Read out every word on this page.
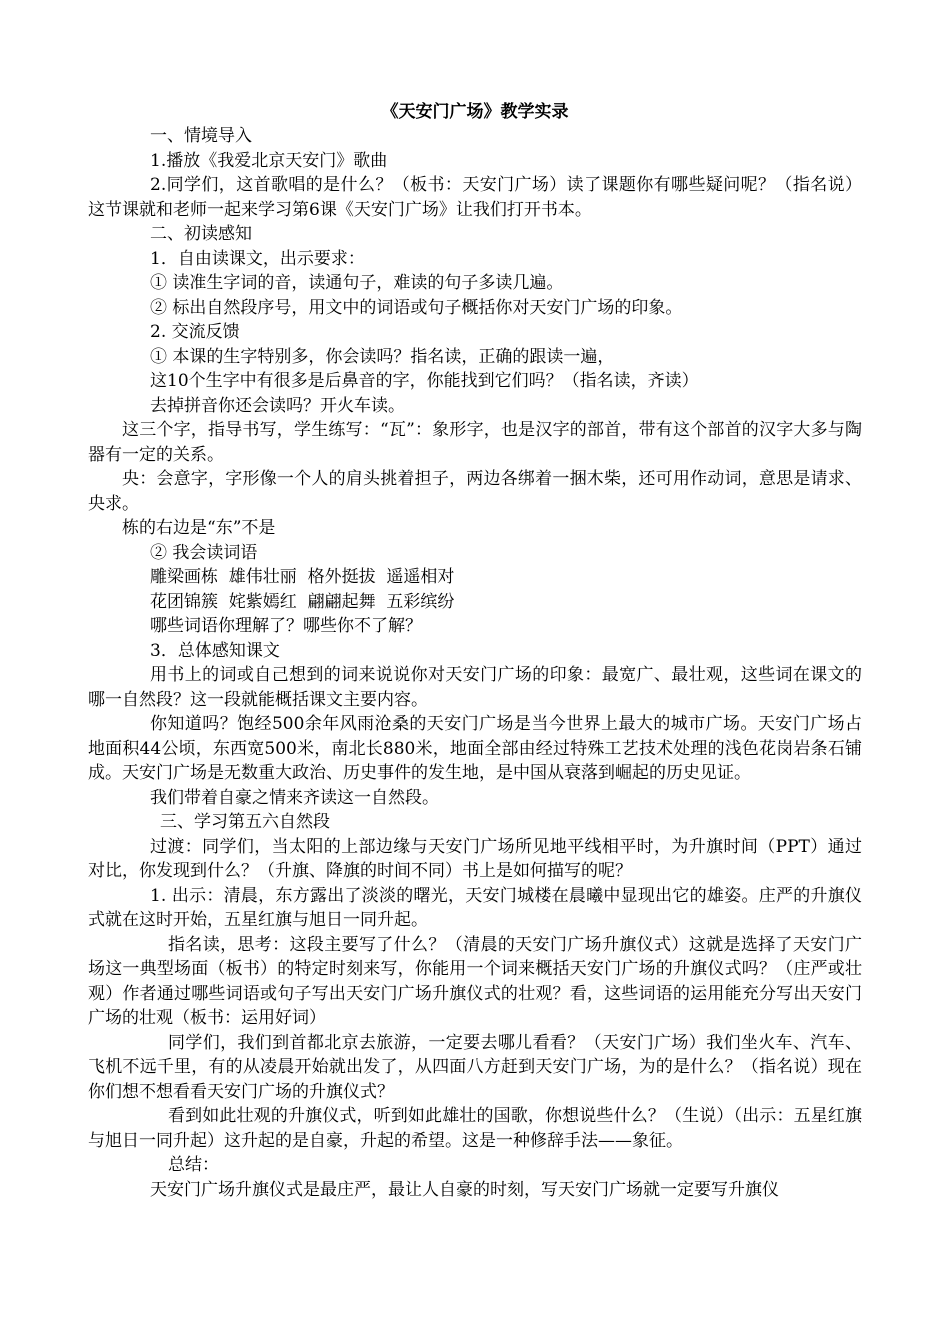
《天安门广场》教学实录

一、情境导入

1.播放《我爱北京天安门》歌曲

2.同学们，这首歌唱的是什么？（板书：天安门广场）读了课题你有哪些疑问呢？（指名说）这节课就和老师一起来学习第6课《天安门广场》让我们打开书本。

二、初读感知

1．自由读课文，出示要求：

① 读准生字词的音，读通句子，难读的句子多读几遍。

② 标出自然段序号，用文中的词语或句子概括你对天安门广场的印象。

2. 交流反馈

① 本课的生字特别多，你会读吗？指名读，正确的跟读一遍，

这10个生字中有很多是后鼻音的字，你能找到它们吗？（指名读，齐读）

去掉拼音你还会读吗？开火车读。

这三个字，指导书写，学生练写：“瓦”：象形字，也是汉字的部首，带有这个部首的汉字大多与陶器有一定的关系。

央：会意字，字形像一个人的肩头挑着担子，两边各绑着一捆木柴，还可用作动词，意思是请求、央求。

栋的右边是“东”不是

② 我会读词语

雕梁画栋  雄伟壮丽  格外挺拔  遥遥相对

花团锦簇  姹紫嫣红  翩翩起舞  五彩缤纷

哪些词语你理解了？哪些你不了解？

3．总体感知课文

用书上的词或自己想到的词来说说你对天安门广场的印象：最宽广、最壮观，这些词在课文的哪一自然段？这一段就能概括课文主要内容。

你知道吗？饱经500余年风雨沧桑的天安门广场是当今世界上最大的城市广场。天安门广场占地面积44公顷，东西宽500米，南北长880米，地面全部由经过特殊工艺技术处理的浅色花岗岩条石铺成。天安门广场是无数重大政治、历史事件的发生地，是中国从衰落到崛起的历史见证。

我们带着自豪之情来齐读这一自然段。

三、学习第五六自然段

过渡：同学们，当太阳的上部边缘与天安门广场所见地平线相平时，为升旗时间（PPT）通过对比，你发现到什么？（升旗、降旗的时间不同）书上是如何描写的呢？

1. 出示：清晨，东方露出了淡淡的曙光，天安门城楼在晨曦中显现出它的雄姿。庄严的升旗仪式就在这时开始，五星红旗与旭日一同升起。

指名读，思考：这段主要写了什么？（清晨的天安门广场升旗仪式）这就是选择了天安门广场这一典型场面（板书）的特定时刻来写，你能用一个词来概括天安门广场的升旗仪式吗？（庄严或壮观）作者通过哪些词语或句子写出天安门广场升旗仪式的壮观？看，这些词语的运用能充分写出天安门广场的壮观（板书：运用好词）

同学们，我们到首都北京去旅游，一定要去哪儿看看？（天安门广场）我们坐火车、汽车、飞机不远千里，有的从凌晨开始就出发了，从四面八方赶到天安门广场，为的是什么？（指名说）现在你们想不想看看天安门广场的升旗仪式？

看到如此壮观的升旗仪式，听到如此雄壮的国歌，你想说些什么？（生说）（出示：五星红旗与旭日一同升起）这升起的是自豪，升起的希望。这是一种修辞手法——象征。

总结：

天安门广场升旗仪式是最庄严，最让人自豪的时刻，写天安门广场就一定要写升旗仪
